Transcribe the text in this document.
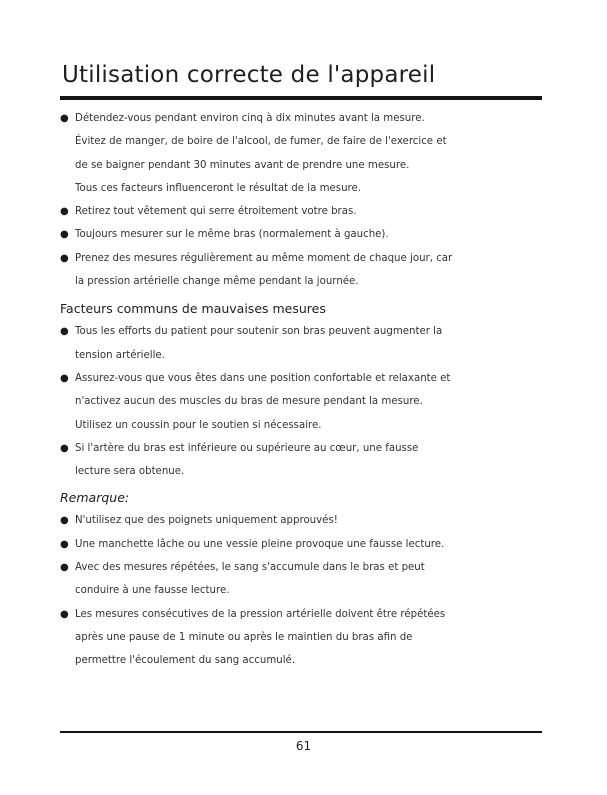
Utilisation correcte de l'appareil
● Détendez-vous pendant environ cinq à dix minutes avant la mesure.
Évitez de manger, de boire de l'alcool, de fumer, de faire de l'exercice et
de se baigner pendant 30 minutes avant de prendre une mesure.
Tous ces facteurs influenceront le résultat de la mesure.
● Retirez tout vêtement qui serre étroitement votre bras.
● Toujours mesurer sur le même bras (normalement à gauche).
● Prenez des mesures régulièrement au même moment de chaque jour, car
la pression artérielle change même pendant la journée.
Facteurs communs de mauvaises mesures
● Tous les efforts du patient pour soutenir son bras peuvent augmenter la
tension artérielle.
● Assurez-vous que vous êtes dans une position confortable et relaxante et
n'activez aucun des muscles du bras de mesure pendant la mesure.
Utilisez un coussin pour le soutien si nécessaire.
● Si l'artère du bras est inférieure ou supérieure au cœur, une fausse
lecture sera obtenue.
Remarque:
● N'utilisez que des poignets uniquement approuvés!
● Une manchette lâche ou une vessie pleine provoque une fausse lecture.
● Avec des mesures répétées, le sang s'accumule dans le bras et peut
conduire à une fausse lecture.
● Les mesures consécutives de la pression artérielle doivent être répétées
après une pause de 1 minute ou après le maintien du bras afin de
permettre l'écoulement du sang accumulé.
61
